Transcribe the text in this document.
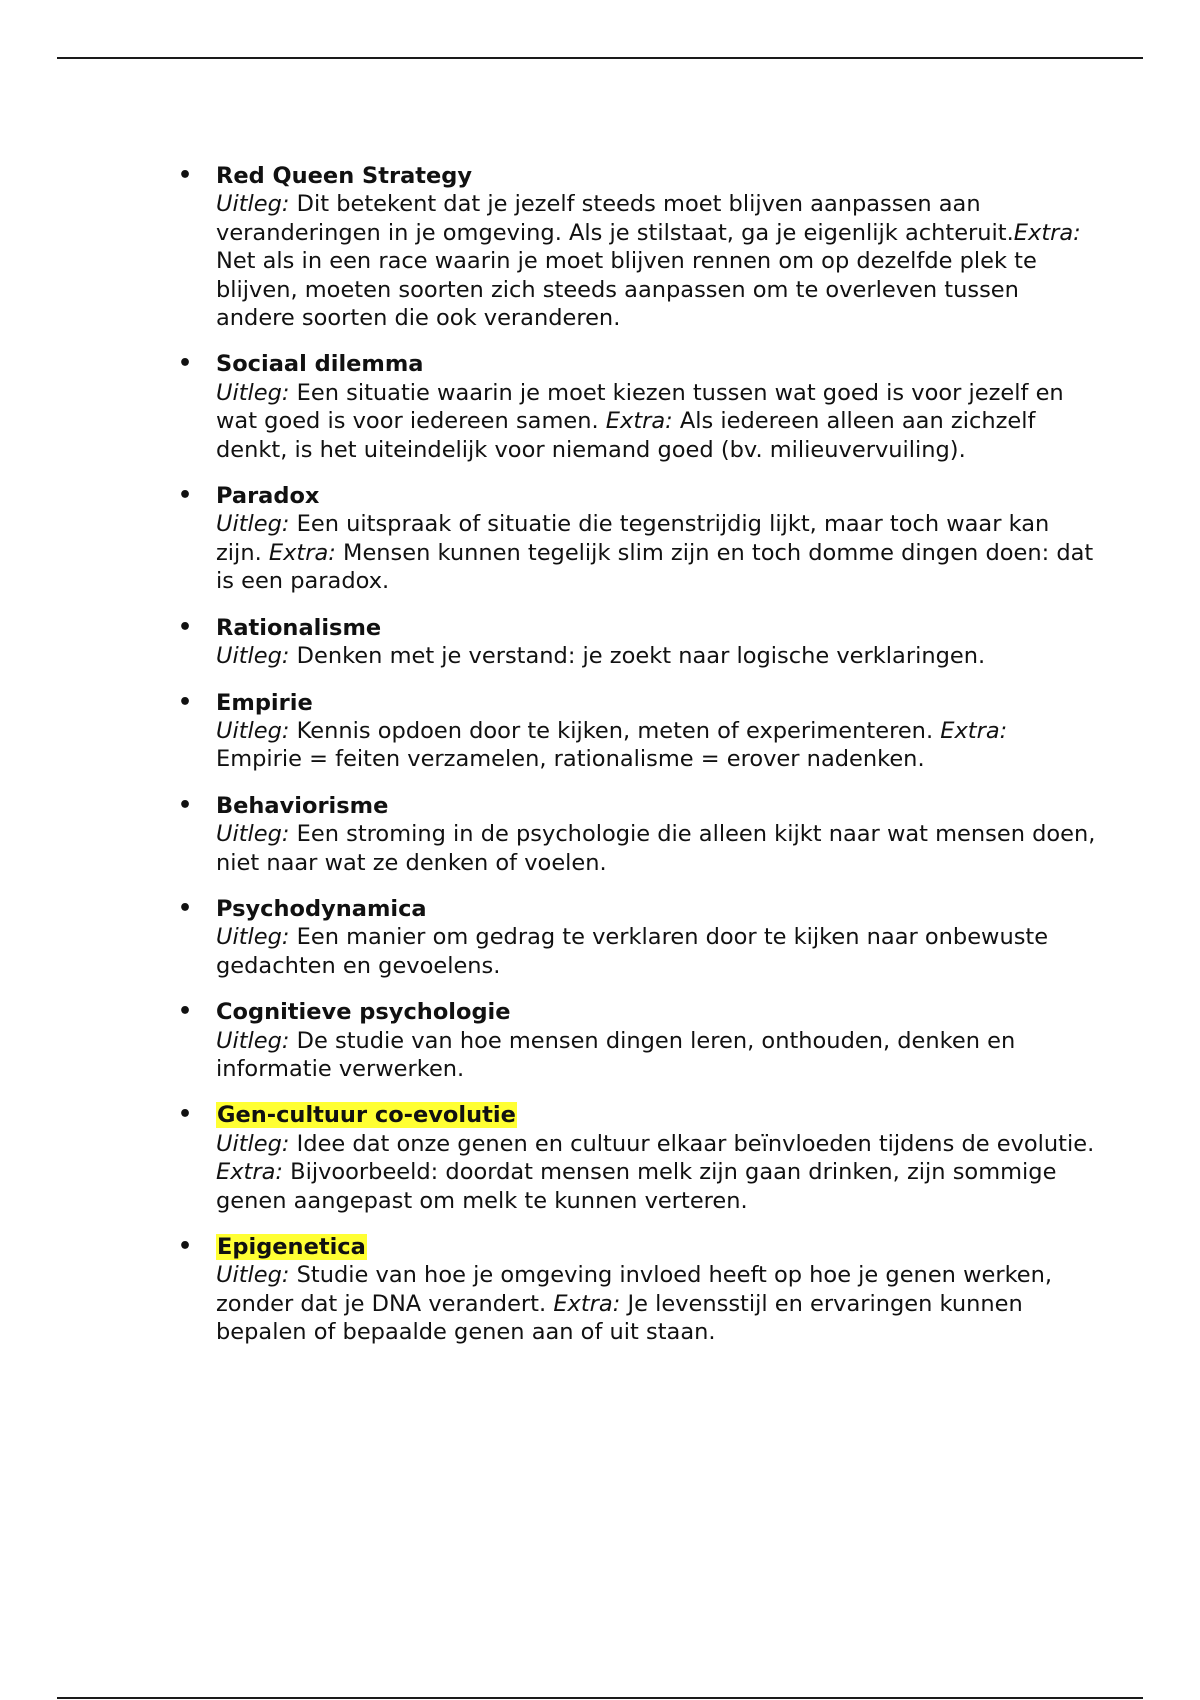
• Red Queen Strategy
Uitleg: Dit betekent dat je jezelf steeds moet blijven aanpassen aan veranderingen in je omgeving. Als je stilstaat, ga je eigenlijk achteruit.Extra: Net als in een race waarin je moet blijven rennen om op dezelfde plek te blijven, moeten soorten zich steeds aanpassen om te overleven tussen andere soorten die ook veranderen.
• Sociaal dilemma
Uitleg: Een situatie waarin je moet kiezen tussen wat goed is voor jezelf en wat goed is voor iedereen samen. Extra: Als iedereen alleen aan zichzelf denkt, is het uiteindelijk voor niemand goed (bv. milieuvervuiling).
• Paradox
Uitleg: Een uitspraak of situatie die tegenstrijdig lijkt, maar toch waar kan zijn. Extra: Mensen kunnen tegelijk slim zijn en toch domme dingen doen: dat is een paradox.
• Rationalisme
Uitleg: Denken met je verstand: je zoekt naar logische verklaringen.
• Empirie
Uitleg: Kennis opdoen door te kijken, meten of experimenteren. Extra: Empirie = feiten verzamelen, rationalisme = erover nadenken.
• Behaviorisme
Uitleg: Een stroming in de psychologie die alleen kijkt naar wat mensen doen, niet naar wat ze denken of voelen.
• Psychodynamica
Uitleg: Een manier om gedrag te verklaren door te kijken naar onbewuste gedachten en gevoelens.
• Cognitieve psychologie
Uitleg: De studie van hoe mensen dingen leren, onthouden, denken en informatie verwerken.
• Gen-cultuur co-evolutie
Uitleg: Idee dat onze genen en cultuur elkaar beïnvloeden tijdens de evolutie. Extra: Bijvoorbeeld: doordat mensen melk zijn gaan drinken, zijn sommige genen aangepast om melk te kunnen verteren.
• Epigenetica
Uitleg: Studie van hoe je omgeving invloed heeft op hoe je genen werken, zonder dat je DNA verandert. Extra: Je levensstijl en ervaringen kunnen bepalen of bepaalde genen aan of uit staan.
